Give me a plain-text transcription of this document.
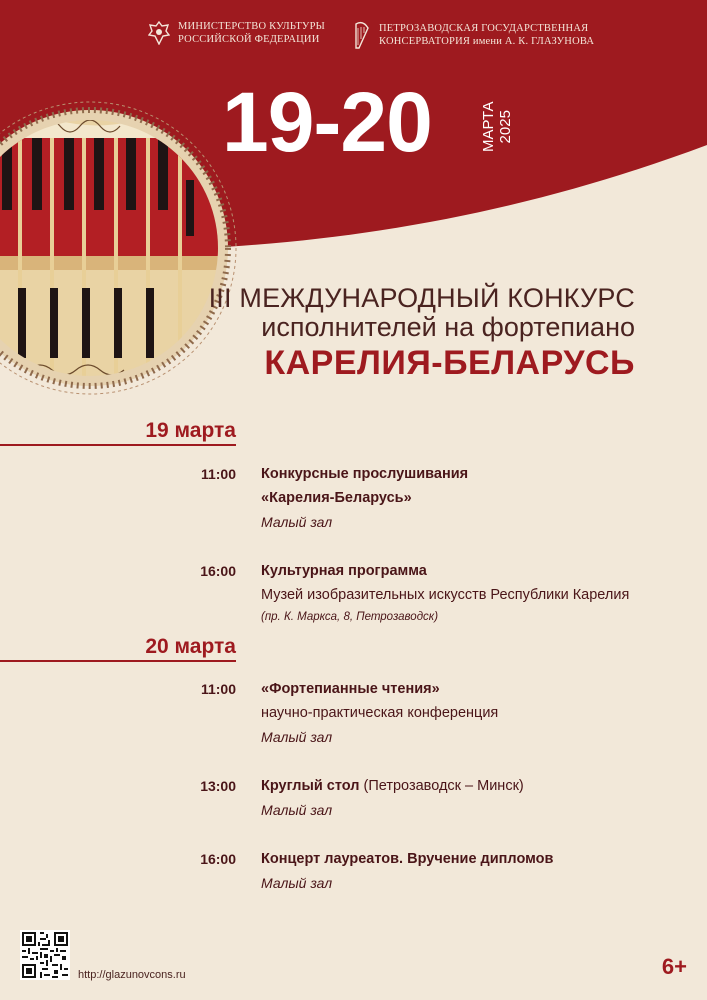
МИНИСТЕРСТВО КУЛЬТУРЫ
РОССИЙСКОЙ ФЕДЕРАЦИИ
ПЕТРОЗАВОДСКАЯ ГОСУДАРСТВЕННАЯ
КОНСЕРВАТОРИЯ имени А. К. ГЛАЗУНОВА
19-20	МАРТА 2025
III МЕЖДУНАРОДНЫЙ КОНКУРС
исполнителей на фортепиано
КАРЕЛИЯ-БЕЛАРУСЬ
19 марта
11:00 Конкурсные прослушивания
«Карелия-Беларусь»
Малый зал
16:00 Культурная программа
Музей изобразительных искусств Республики Карелия
(пр. К. Маркса, 8, Петрозаводск)
20 марта
11:00 «Фортепианные чтения»
научно-практическая конференция
Малый зал
13:00 Круглый стол (Петрозаводск – Минск)
Малый зал
16:00 Концерт лауреатов. Вручение дипломов
Малый зал
http://glazunovcons.ru	6+
